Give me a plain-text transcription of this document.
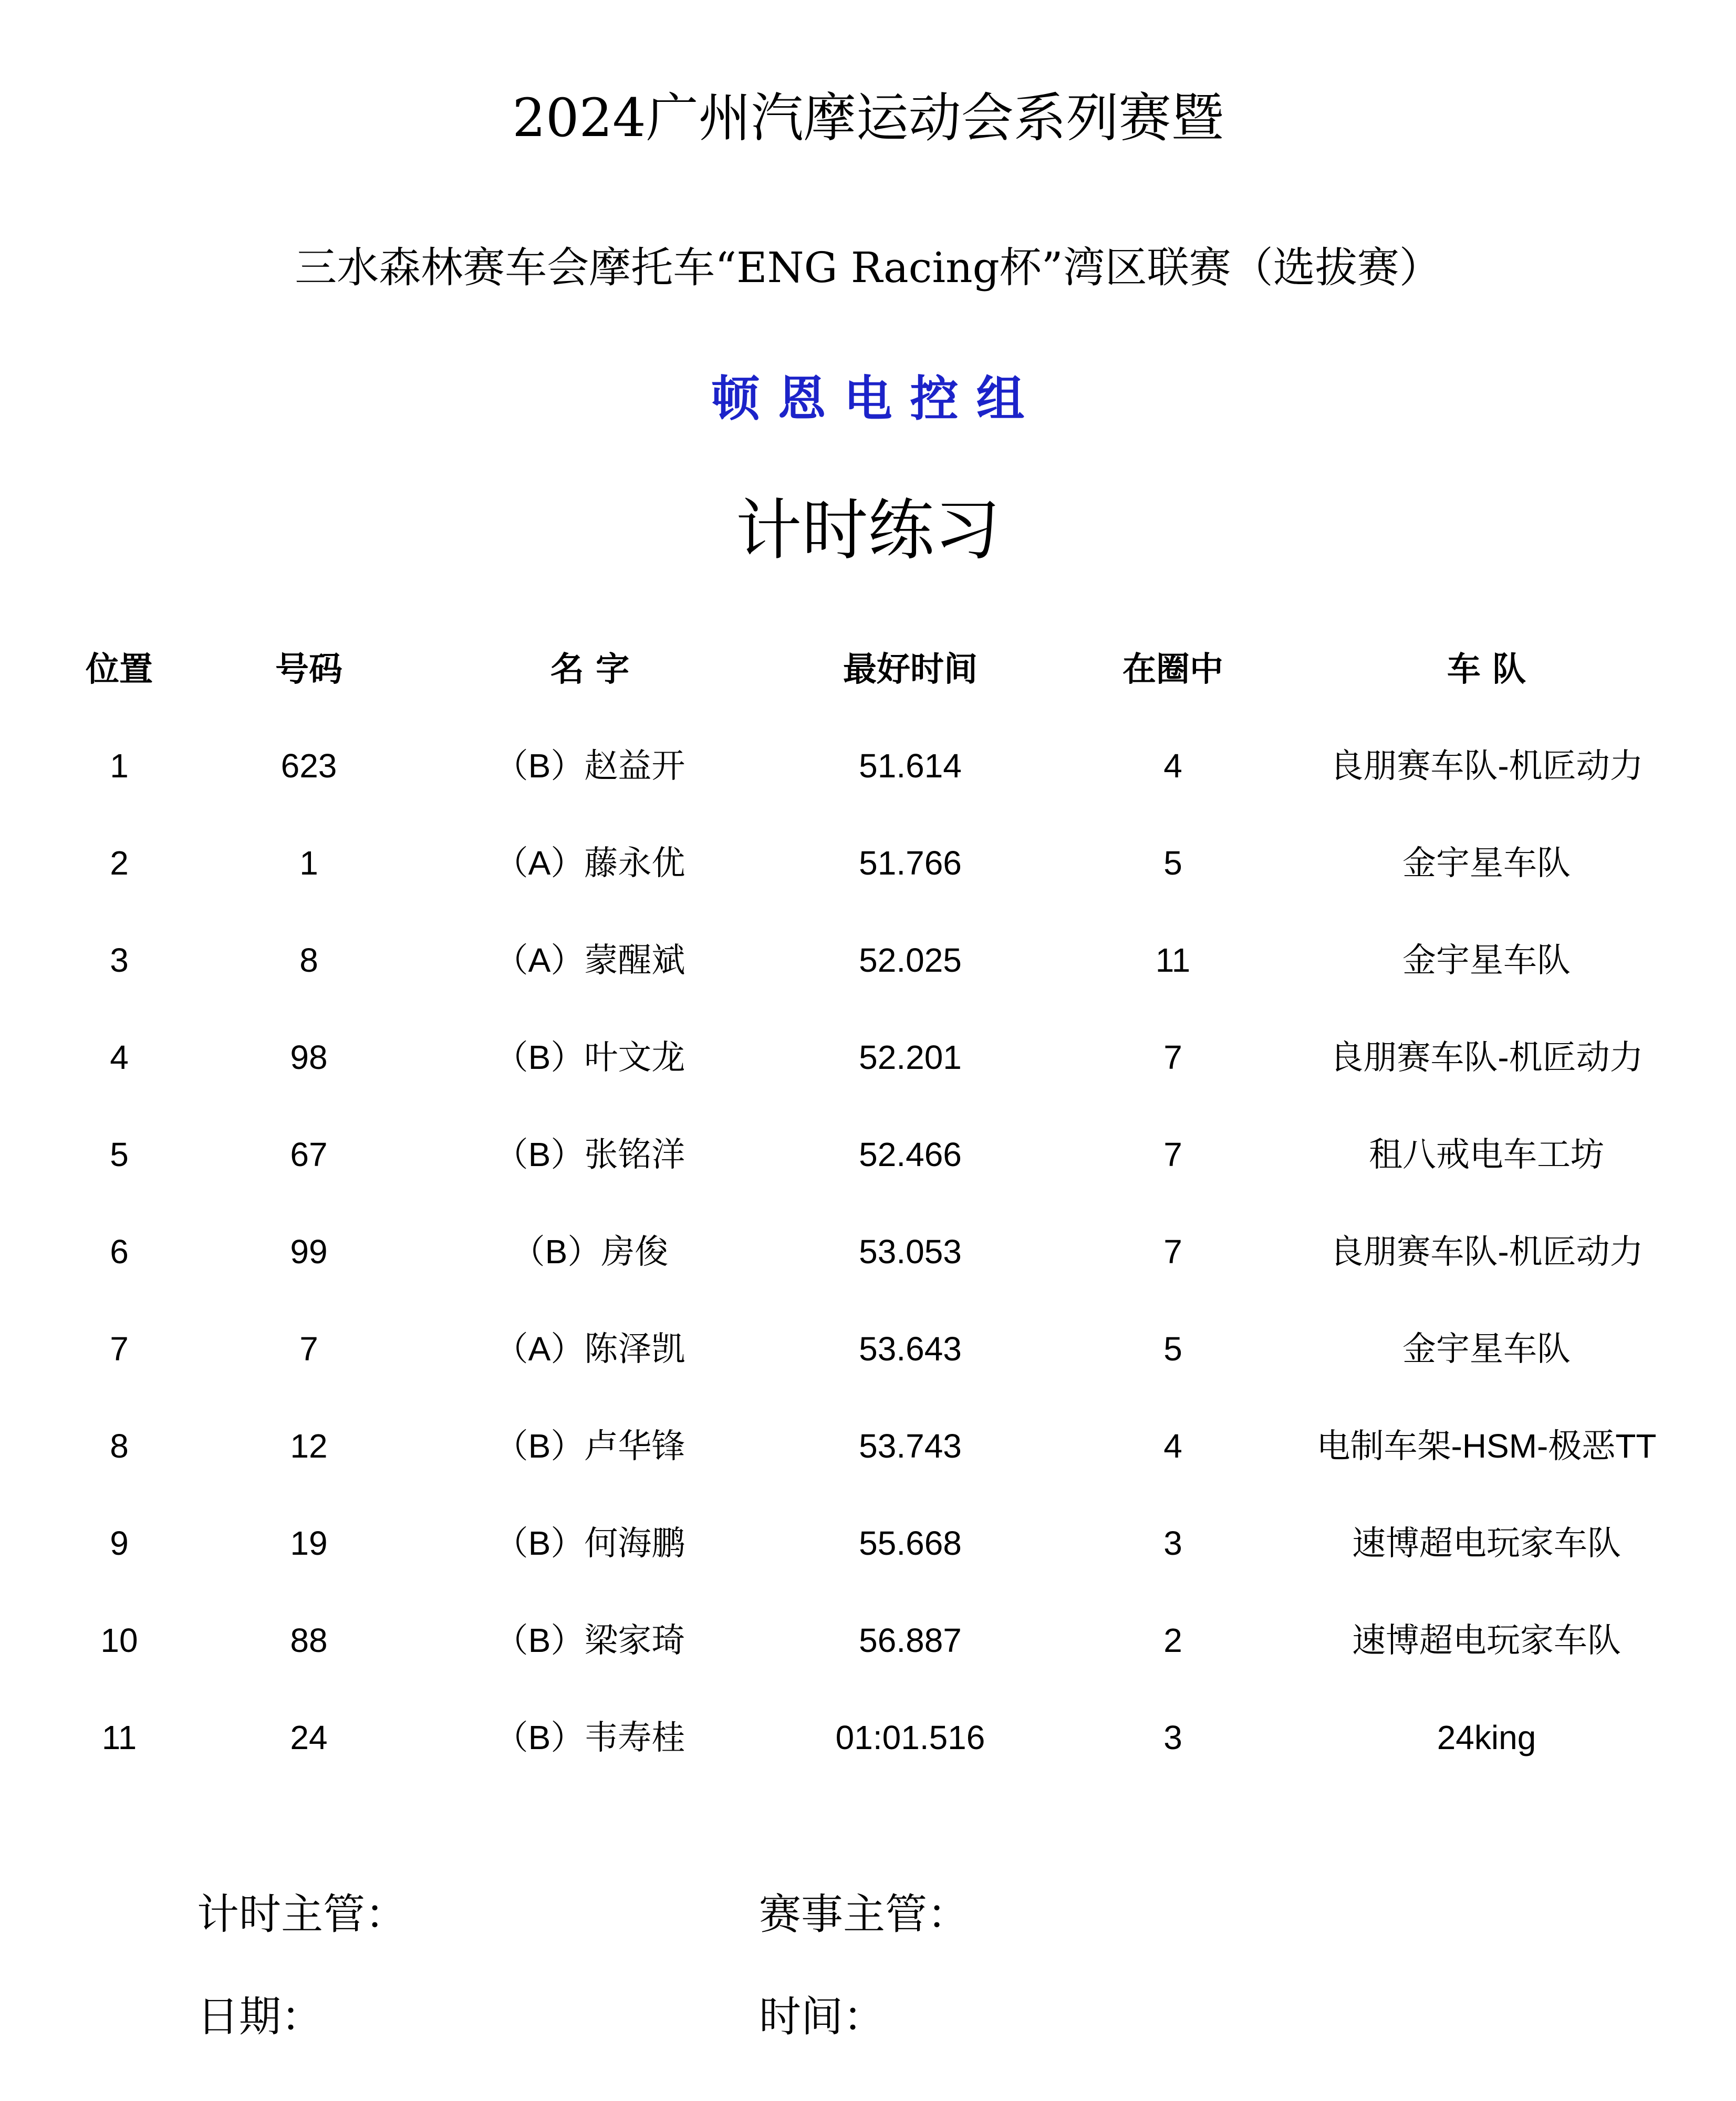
2024广州汽摩运动会系列赛暨
三水森林赛车会摩托车“ENG Racing杯”湾区联赛（选拔赛）
顿恩电控组
计时练习
位置	号码	名 字	最好时间	在圈中	车 队
1	623	（B）赵益开	51.614	4	良朋赛车队-机匠动力
2	1	（A）藤永优	51.766	5	金宇星车队
3	8	（A）蒙醒斌	52.025	11	金宇星车队
4	98	（B）叶文龙	52.201	7	良朋赛车队-机匠动力
5	67	（B）张铭洋	52.466	7	租八戒电车工坊
6	99	（B）房俊	53.053	7	良朋赛车队-机匠动力
7	7	（A）陈泽凯	53.643	5	金宇星车队
8	12	（B）卢华锋	53.743	4	电制车架-HSM-极恶TT
9	19	（B）何海鹏	55.668	3	速博超电玩家车队
10	88	（B）梁家琦	56.887	2	速博超电玩家车队
11	24	（B）韦寿桂	01:01.516	3	24king
计时主管：	赛事主管：
日期：	时间：
